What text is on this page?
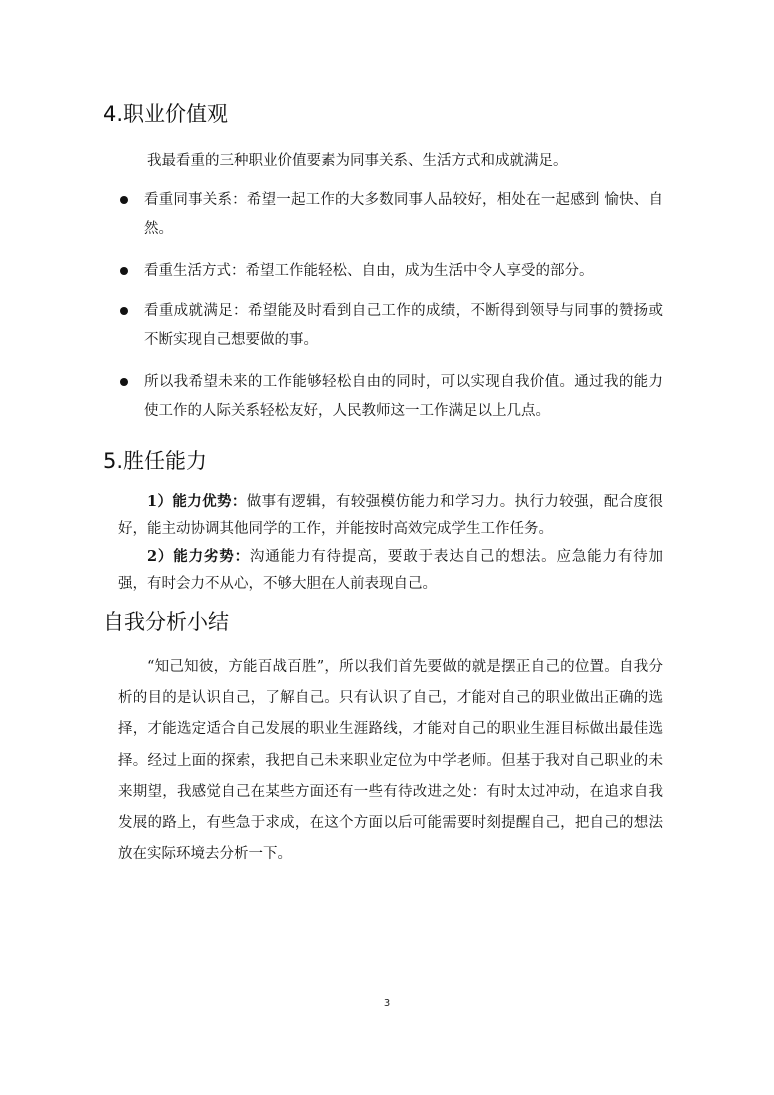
4.职业价值观

我最看重的三种职业价值要素为同事关系、生活方式和成就满足。

看重同事关系：希望一起工作的大多数同事人品较好，相处在一起感到 愉快、自然。
看重生活方式：希望工作能轻松、自由，成为生活中令人享受的部分。
看重成就满足：希望能及时看到自己工作的成绩，不断得到领导与同事的赞扬或不断实现自己想要做的事。
所以我希望未来的工作能够轻松自由的同时，可以实现自我价值。通过我的能力使工作的人际关系轻松友好，人民教师这一工作满足以上几点。
5.胜任能力

1）能力优势：做事有逻辑，有较强模仿能力和学习力。执行力较强，配合度很好，能主动协调其他同学的工作，并能按时高效完成学生工作任务。

2）能力劣势：沟通能力有待提高，要敢于表达自己的想法。应急能力有待加强，有时会力不从心，不够大胆在人前表现自己。

自我分析小结

“知己知彼，方能百战百胜”，所以我们首先要做的就是摆正自己的位置。自我分析的目的是认识自己，了解自己。只有认识了自己，才能对自己的职业做出正确的选择，才能选定适合自己发展的职业生涯路线，才能对自己的职业生涯目标做出最佳选择。经过上面的探索，我把自己未来职业定位为中学老师。但基于我对自己职业的未来期望，我感觉自己在某些方面还有一些有待改进之处：有时太过冲动，在追求自我发展的路上，有些急于求成，在这个方面以后可能需要时刻提醒自己，把自己的想法放在实际环境去分析一下。

3
